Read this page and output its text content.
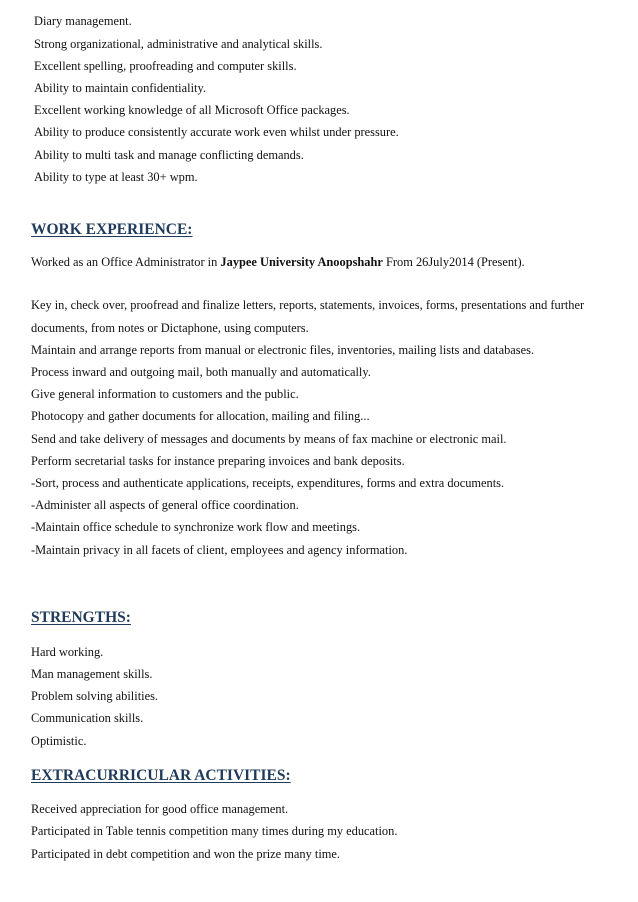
Diary management.
Strong organizational, administrative and analytical skills.
Excellent spelling, proofreading and computer skills.
Ability to maintain confidentiality.
Excellent working knowledge of all Microsoft Office packages.
Ability to produce consistently accurate work even whilst under pressure.
Ability to multi task and manage conflicting demands.
Ability to type at least 30+ wpm.
WORK EXPERIENCE:
Worked as an Office Administrator in Jaypee University Anoopshahr From 26July2014 (Present).
Key in, check over, proofread and finalize letters, reports, statements, invoices, forms, presentations and further
documents, from notes or Dictaphone, using computers.
Maintain and arrange reports from manual or electronic files, inventories, mailing lists and databases.
Process inward and outgoing mail, both manually and automatically.
Give general information to customers and the public.
Photocopy and gather documents for allocation, mailing and filing...
Send and take delivery of messages and documents by means of fax machine or electronic mail.
Perform secretarial tasks for instance preparing invoices and bank deposits.
-Sort, process and authenticate applications, receipts, expenditures, forms and extra documents.
-Administer all aspects of general office coordination.
-Maintain office schedule to synchronize work flow and meetings.
-Maintain privacy in all facets of client, employees and agency information.
STRENGTHS:
Hard working.
Man management skills.
Problem solving abilities.
Communication skills.
Optimistic.
EXTRACURRICULAR ACTIVITIES:
Received appreciation for good office management.
Participated in Table tennis competition many times during my education.
Participated in debt competition and won the prize many time.
